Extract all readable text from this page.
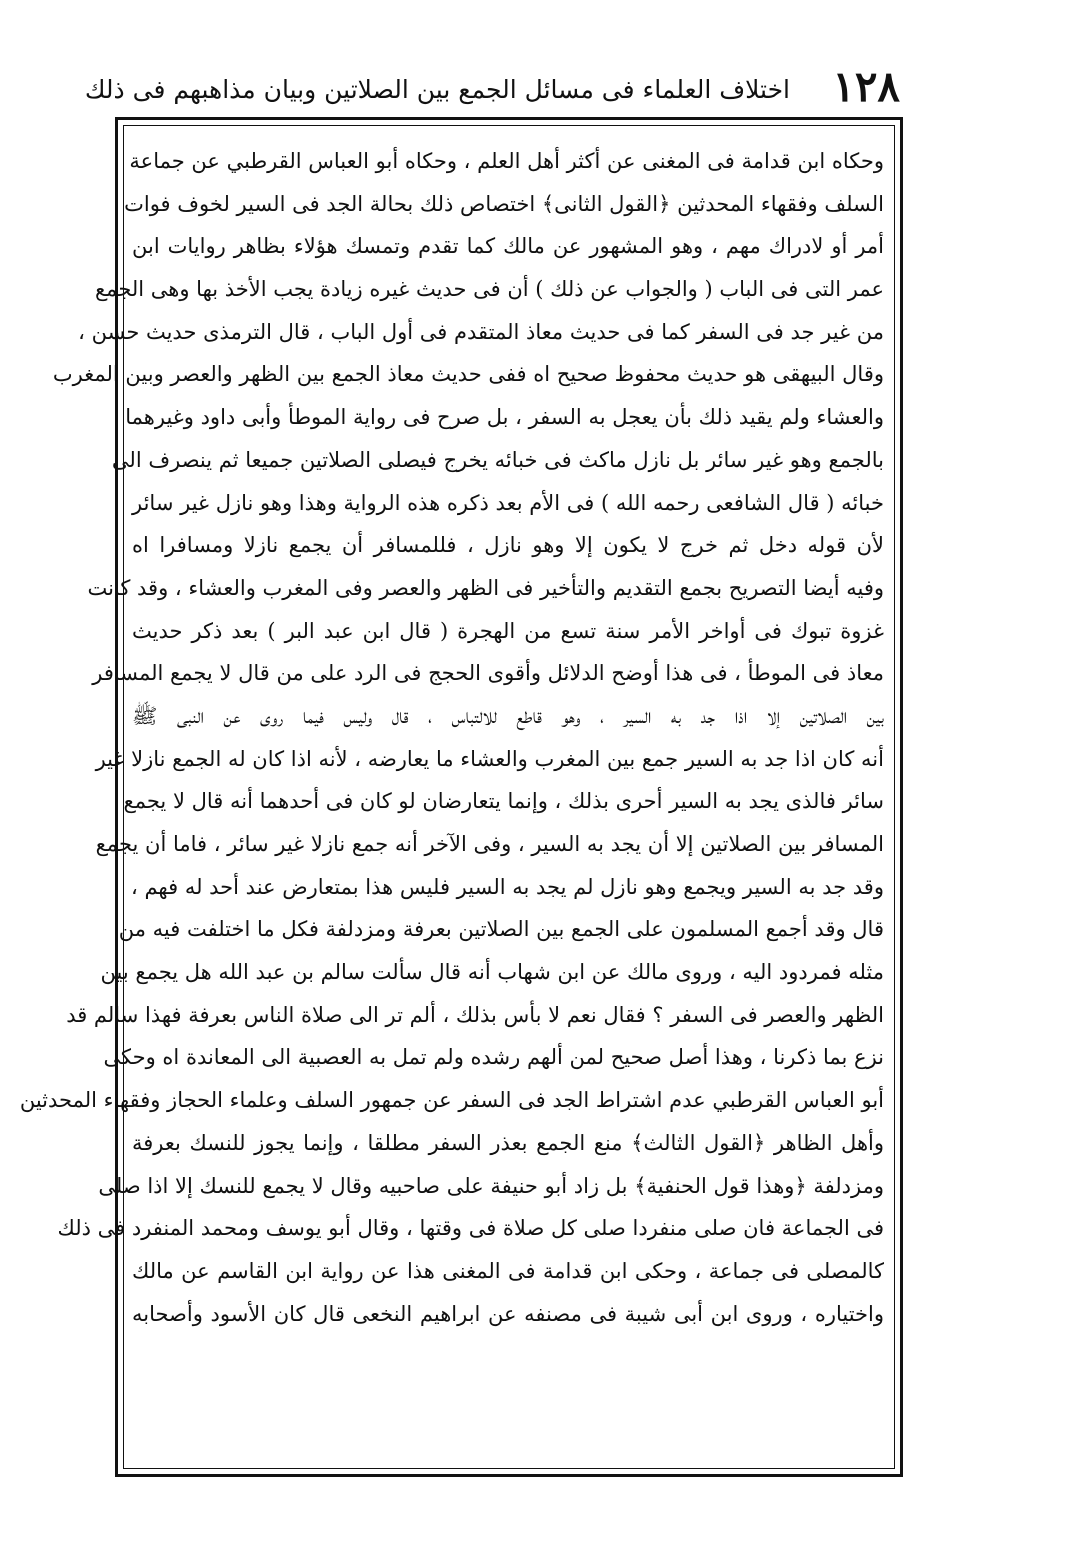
١٢٨
اختلاف العلماء فى مسائل الجمع بين الصلاتين وبيان مذاهبهم فى ذلك
وحكاه ابن قدامة فى المغنى عن أكثر أهل العلم ، وحكاه أبو العباس القرطبي عن جماعة
السلف وفقهاء المحدثين ﴿القول الثانى﴾ اختصاص ذلك بحالة الجد فى السير لخوف فوات
أمر أو لادراك مهم ، وهو المشهور عن مالك كما تقدم وتمسك هؤلاء بظاهر روايات ابن
عمر التى فى الباب ( والجواب عن ذلك ) أن فى حديث غيره زيادة يجب الأخذ بها وهى الجمع
من غير جد فى السفر كما فى حديث معاذ المتقدم فى أول الباب ، قال الترمذى حديث حسن ،
وقال البيهقى هو حديث محفوظ صحيح اه ففى حديث معاذ الجمع بين الظهر والعصر وبين المغرب
والعشاء ولم يقيد ذلك بأن يعجل به السفر ، بل صرح فى رواية الموطأ وأبى داود وغيرهما
بالجمع وهو غير سائر بل نازل ماكث فى خبائه يخرج فيصلى الصلاتين جميعا ثم ينصرف الى
خبائه ( قال الشافعى رحمه الله ) فى الأم بعد ذكره هذه الرواية وهذا وهو نازل غير سائر
لأن قوله دخل ثم خرج لا يكون إلا وهو نازل ، فللمسافر أن يجمع نازلا ومسافرا اه
وفيه أيضا التصريح بجمع التقديم والتأخير فى الظهر والعصر وفى المغرب والعشاء ، وقد كانت
غزوة تبوك فى أواخر الأمر سنة تسع من الهجرة ( قال ابن عبد البر ) بعد ذكر حديث
معاذ فى الموطأ ، فى هذا أوضح الدلائل وأقوى الحجج فى الرد على من قال لا يجمع المسافر
بين الصلاتين إلا اذا جد به السير ، وهو قاطع للالتباس ، قال وليس فيما روى عن النبى ﷺ
أنه كان اذا جد به السير جمع بين المغرب والعشاء ما يعارضه ، لأنه اذا كان له الجمع نازلا غير
سائر فالذى يجد به السير أحرى بذلك ، وإنما يتعارضان لو كان فى أحدهما أنه قال لا يجمع
المسافر بين الصلاتين إلا أن يجد به السير ، وفى الآخر أنه جمع نازلا غير سائر ، فاما أن يجمع
وقد جد به السير ويجمع وهو نازل لم يجد به السير فليس هذا بمتعارض عند أحد له فهم ،
قال وقد أجمع المسلمون على الجمع بين الصلاتين بعرفة ومزدلفة فكل ما اختلفت فيه من
مثله فمردود اليه ، وروى مالك عن ابن شهاب أنه قال سألت سالم بن عبد الله هل يجمع بين
الظهر والعصر فى السفر ؟ فقال نعم لا بأس بذلك ، ألم تر الى صلاة الناس بعرفة فهذا سالم قد
نزع بما ذكرنا ، وهذا أصل صحيح لمن ألهم رشده ولم تمل به العصبية الى المعاندة اه وحكى
أبو العباس القرطبي عدم اشتراط الجد فى السفر عن جمهور السلف وعلماء الحجاز وفقهاء المحدثين
وأهل الظاهر ﴿القول الثالث﴾ منع الجمع بعذر السفر مطلقا ، وإنما يجوز للنسك بعرفة
ومزدلفة ﴿وهذا قول الحنفية﴾ بل زاد أبو حنيفة على صاحبيه وقال لا يجمع للنسك إلا اذا صلى
فى الجماعة فان صلى منفردا صلى كل صلاة فى وقتها ، وقال أبو يوسف ومحمد المنفرد فى ذلك
كالمصلى فى جماعة ، وحكى ابن قدامة فى المغنى هذا عن رواية ابن القاسم عن مالك
واختياره ، وروى ابن أبى شيبة فى مصنفه عن ابراهيم النخعى قال كان الأسود وأصحابه
